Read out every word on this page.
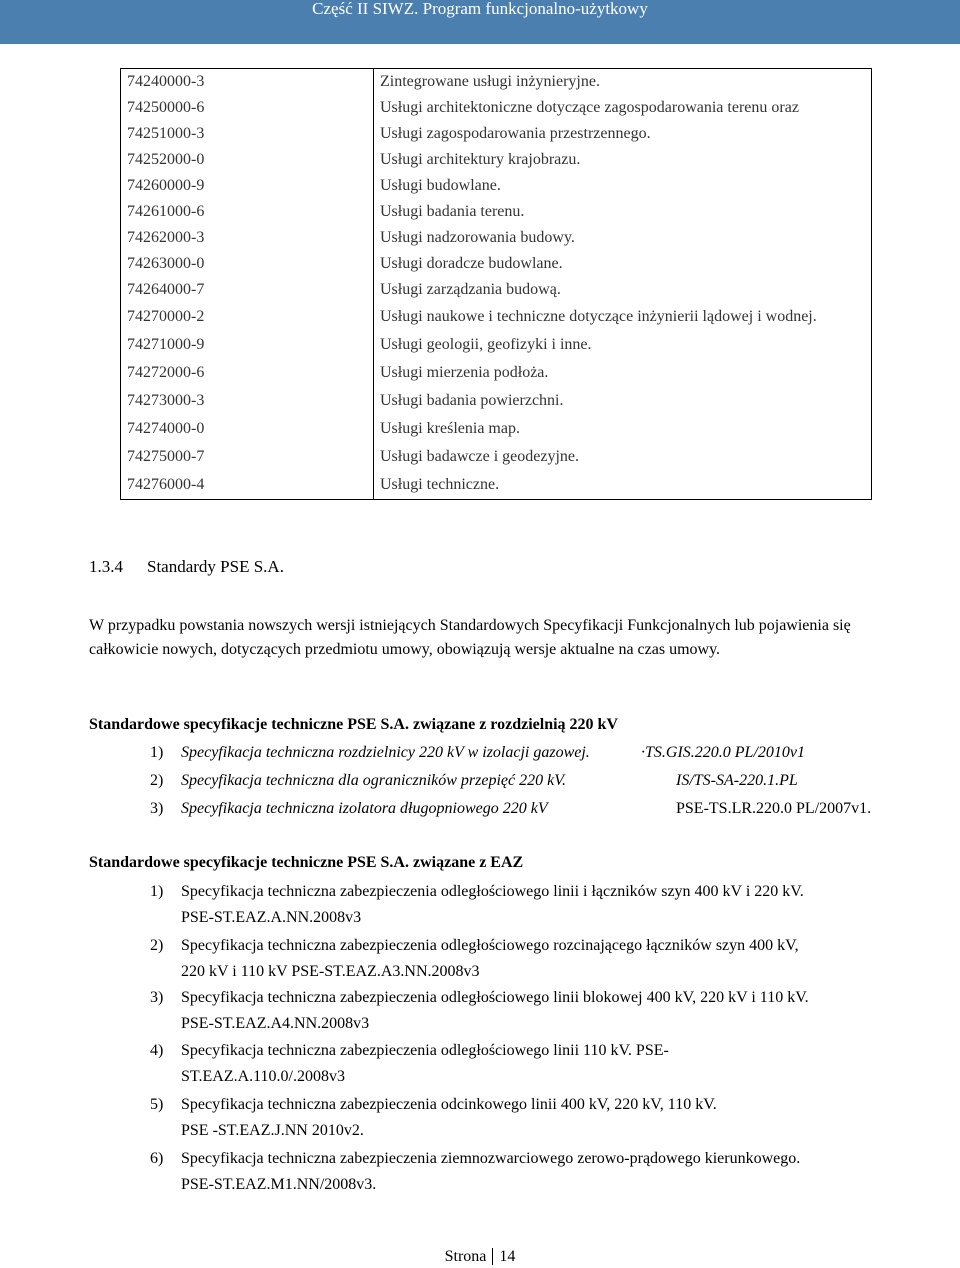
Część II SIWZ. Program funkcjonalno-użytkowy
74240000-3	Zintegrowane usługi inżynieryjne.
74250000-6	Usługi architektoniczne dotyczące zagospodarowania terenu oraz
74251000-3	Usługi zagospodarowania przestrzennego.
74252000-0	Usługi architektury krajobrazu.
74260000-9	Usługi budowlane.
74261000-6	Usługi badania terenu.
74262000-3	Usługi nadzorowania budowy.
74263000-0	Usługi doradcze budowlane.
74264000-7	Usługi zarządzania budową.
74270000-2	Usługi naukowe i techniczne dotyczące inżynierii lądowej i wodnej.
74271000-9	Usługi geologii, geofizyki i inne.
74272000-6	Usługi mierzenia podłoża.
74273000-3	Usługi badania powierzchni.
74274000-0	Usługi kreślenia map.
74275000-7	Usługi badawcze i geodezyjne.
74276000-4	Usługi techniczne.
1.3.4 Standardy PSE S.A.
W przypadku powstania nowszych wersji istniejących Standardowych Specyfikacji Funkcjonalnych lub pojawienia się całkowicie nowych, dotyczących przedmiotu umowy, obowiązują wersje aktualne na czas umowy.
Standardowe specyfikacje techniczne PSE S.A. związane z rozdzielnią 220 kV
1) Specyfikacja techniczna rozdzielnicy 220 kV w izolacji gazowej.	·TS.GIS.220.0 PL/2010v1
2) Specyfikacja techniczna dla ograniczników przepięć 220 kV.	IS/TS-SA-220.1.PL
3) Specyfikacja techniczna izolatora długopniowego 220 kV	PSE-TS.LR.220.0 PL/2007v1.
Standardowe specyfikacje techniczne PSE S.A. związane z EAZ
1)	Specyfikacja techniczna zabezpieczenia odległościowego linii i łączników szyn 400 kV i 220 kV.
PSE-ST.EAZ.A.NN.2008v3
2)	Specyfikacja techniczna zabezpieczenia odległościowego rozcinającego łączników szyn 400 kV,
220 kV i 110 kV PSE-ST.EAZ.A3.NN.2008v3
3)	Specyfikacja techniczna zabezpieczenia odległościowego linii blokowej 400 kV, 220 kV i 110 kV.
PSE-ST.EAZ.A4.NN.2008v3
4)	Specyfikacja techniczna zabezpieczenia odległościowego linii 110 kV. PSE-
ST.EAZ.A.110.0/.2008v3
5)	Specyfikacja techniczna zabezpieczenia odcinkowego linii 400 kV, 220 kV, 110 kV.
PSE -ST.EAZ.J.NN 2010v2.
6)	Specyfikacja techniczna zabezpieczenia ziemnozwarciowego zerowo-prądowego kierunkowego.
PSE-ST.EAZ.M1.NN/2008v3.
Strona 14
